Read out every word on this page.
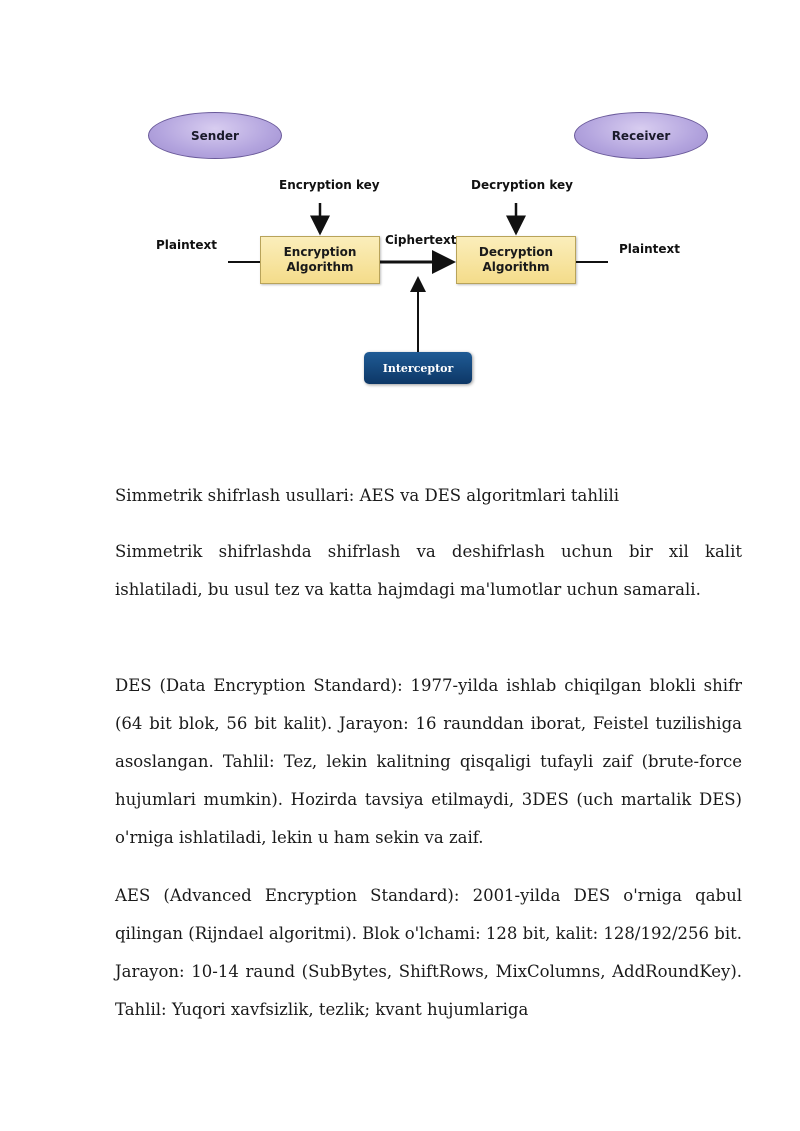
Sender	Receiver
Encryption key	Decryption key
Plaintext	Ciphertext
Plaintext
Encryption
Algorithm
Decryption
Algorithm
Interceptor

Simmetrik shifrlash usullari: AES va DES algoritmlari tahlili

Simmetrik shifrlashda shifrlash va deshifrlash uchun bir xil kalit ishlatiladi, bu usul tez va katta hajmdagi ma'lumotlar uchun samarali.

DES (Data Encryption Standard): 1977-yilda ishlab chiqilgan blokli shifr (64 bit blok, 56 bit kalit). Jarayon: 16 raunddan iborat, Feistel tuzilishiga asoslangan. Tahlil: Tez, lekin kalitning qisqaligi tufayli zaif (brute-force hujumlari mumkin). Hozirda tavsiya etilmaydi, 3DES (uch martalik DES) o'rniga ishlatiladi, lekin u ham sekin va zaif.

AES (Advanced Encryption Standard): 2001-yilda DES o'rniga qabul qilingan (Rijndael algoritmi). Blok o'lchami: 128 bit, kalit: 128/192/256 bit. Jarayon: 10-14 raund (SubBytes, ShiftRows, MixColumns, AddRoundKey). Tahlil: Yuqori xavfsizlik, tezlik; kvant hujumlariga
